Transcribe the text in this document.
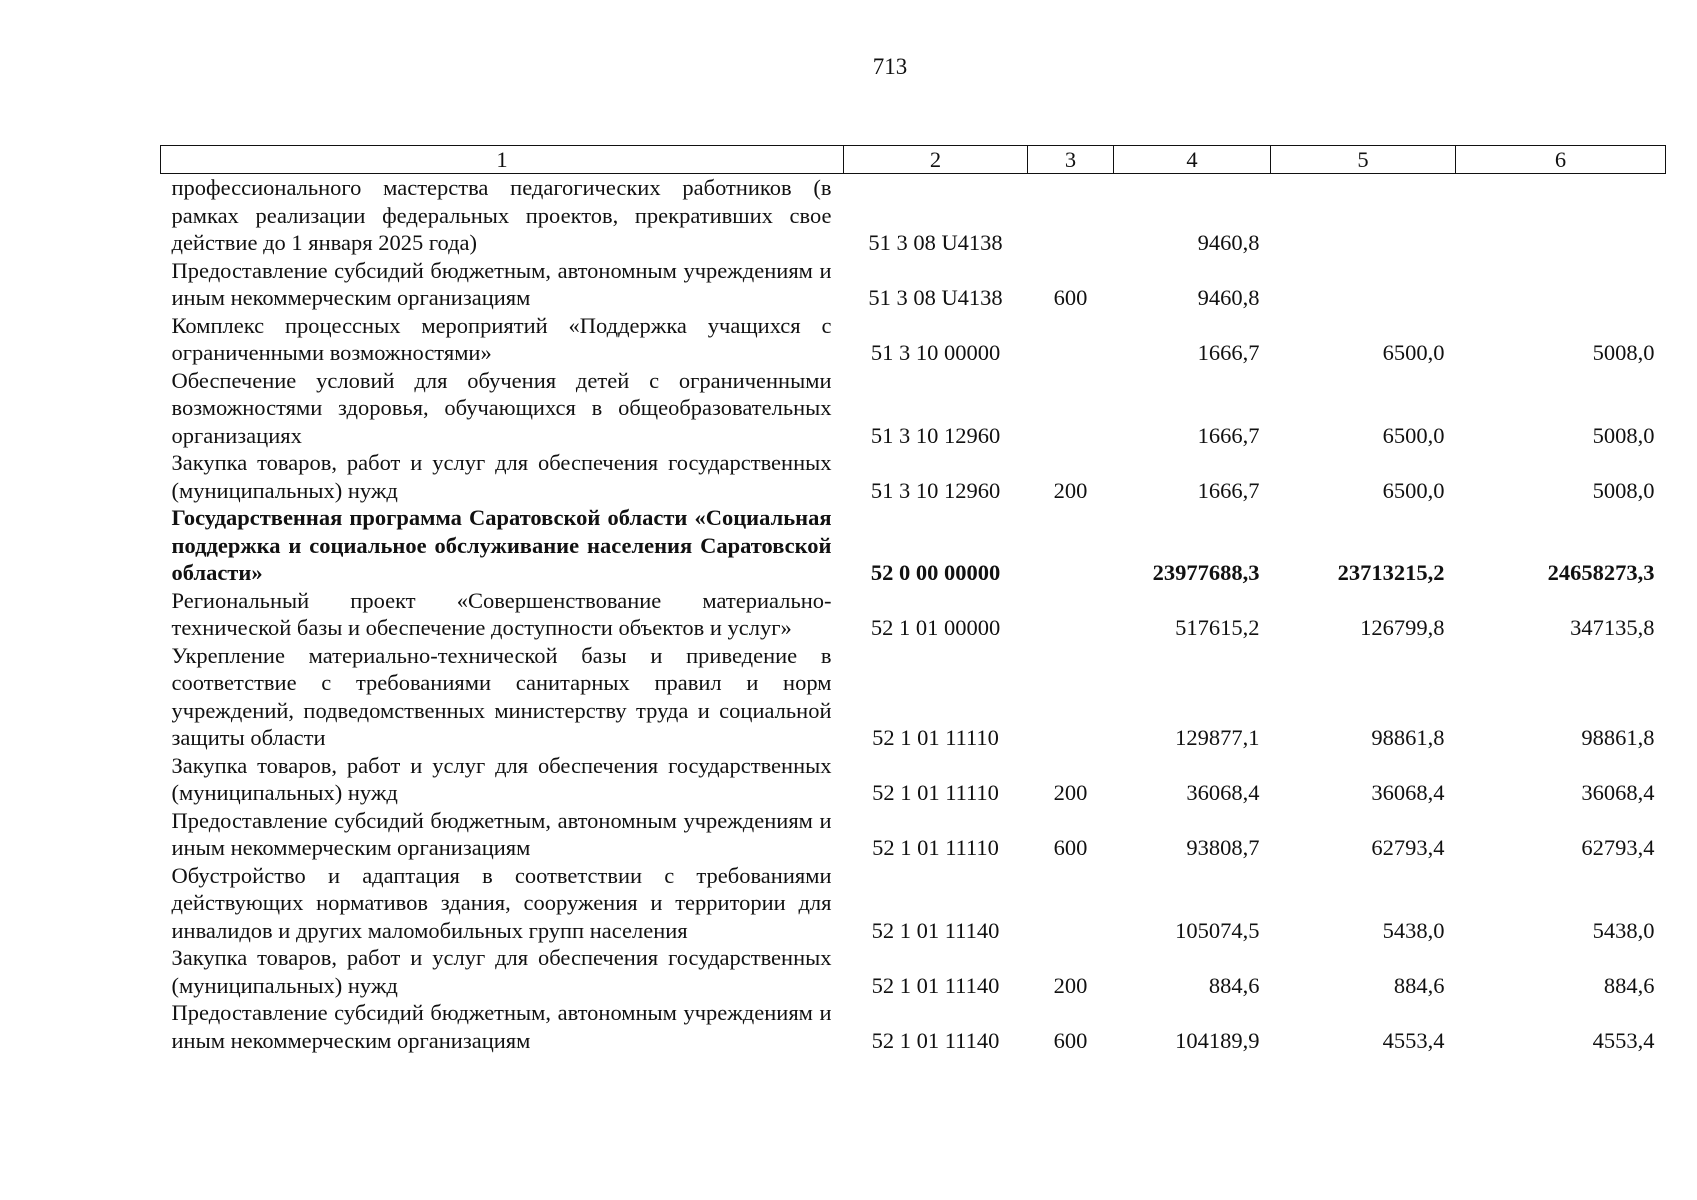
713
1	2	3	4	5	6
профессионального мастерства педагогических работников (в рамках реализации федеральных проектов, прекративших свое действие до 1 января 2025 года)	51 3 08 U4138		9460,8		
Предоставление субсидий бюджетным, автономным учреждениям и иным некоммерческим организациям	51 3 08 U4138	600	9460,8		
Комплекс процессных мероприятий «Поддержка учащихся с ограниченными возможностями»	51 3 10 00000		1666,7	6500,0	5008,0
Обеспечение условий для обучения детей с ограниченными возможностями здоровья, обучающихся в общеобразовательных организациях	51 3 10 12960		1666,7	6500,0	5008,0
Закупка товаров, работ и услуг для обеспечения государственных (муниципальных) нужд	51 3 10 12960	200	1666,7	6500,0	5008,0
Государственная программа Саратовской области «Социальная поддержка и социальное обслуживание населения Саратовской области»	52 0 00 00000		23977688,3	23713215,2	24658273,3
Региональный проект «Совершенствование материально-технической базы и обеспечение доступности объектов и услуг»	52 1 01 00000		517615,2	126799,8	347135,8
Укрепление материально-технической базы и приведение в соответствие с требованиями санитарных правил и норм учреждений, подведомственных министерству труда и социальной защиты области	52 1 01 11110		129877,1	98861,8	98861,8
Закупка товаров, работ и услуг для обеспечения государственных (муниципальных) нужд	52 1 01 11110	200	36068,4	36068,4	36068,4
Предоставление субсидий бюджетным, автономным учреждениям и иным некоммерческим организациям	52 1 01 11110	600	93808,7	62793,4	62793,4
Обустройство и адаптация в соответствии с требованиями действующих нормативов здания, сооружения и территории для инвалидов и других маломобильных групп населения	52 1 01 11140		105074,5	5438,0	5438,0
Закупка товаров, работ и услуг для обеспечения государственных (муниципальных) нужд	52 1 01 11140	200	884,6	884,6	884,6
Предоставление субсидий бюджетным, автономным учреждениям и иным некоммерческим организациям	52 1 01 11140	600	104189,9	4553,4	4553,4
